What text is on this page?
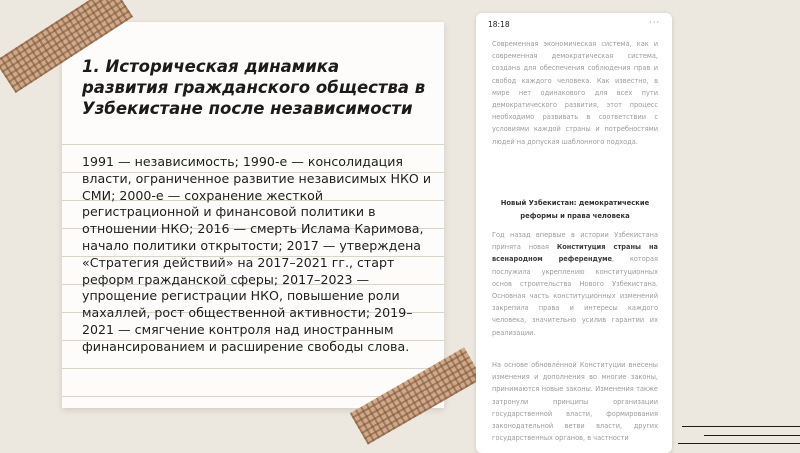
1. Историческая динамика развития гражданского общества в Узбекистане после независимости

1991 — независимость; 1990-е — консолидация власти, ограниченное развитие независимых НКО и СМИ; 2000-е — сохранение жесткой регистрационной и финансовой политики в отношении НКО; 2016 — смерть Ислама Каримова, начало политики открытости; 2017 — утверждена «Стратегия действий» на 2017–2021 гг., старт реформ гражданской сферы; 2017–2023 — упрощение регистрации НКО, повышение роли махаллей, рост общественной активности; 2019–2021 — смягчение контроля над иностранным финансированием и расширение свободы слова.

18:18	···

Современная экономическая система, как и современная демократическая система, создана для обеспечения соблюдения прав и свобод каждого человека. Как известно, в мире нет одинакового для всех пути демократического развития, этот процесс необходимо развивать в соответствии с условиями каждой страны и потребностями людей на допуская шаблонного подхода.

Новый Узбекистан: демократические реформы и права человека

Год назад впервые в истории Узбекистана принята новая Конституция страны на всенародном референдуме, которая послужила укреплению конституционных основ строительства Нового Узбекистана. Основная часть конституционных изменений закрепила права и интересы каждого человека, значительно усилив гарантии их реализации.

На основе обновлённой Конституции внесены изменения и дополнения во многие законы, принимаются новые законы. Изменения также затронули принципы организации государственной власти, формирования законодательной ветви власти, других государственных органов, в частности
